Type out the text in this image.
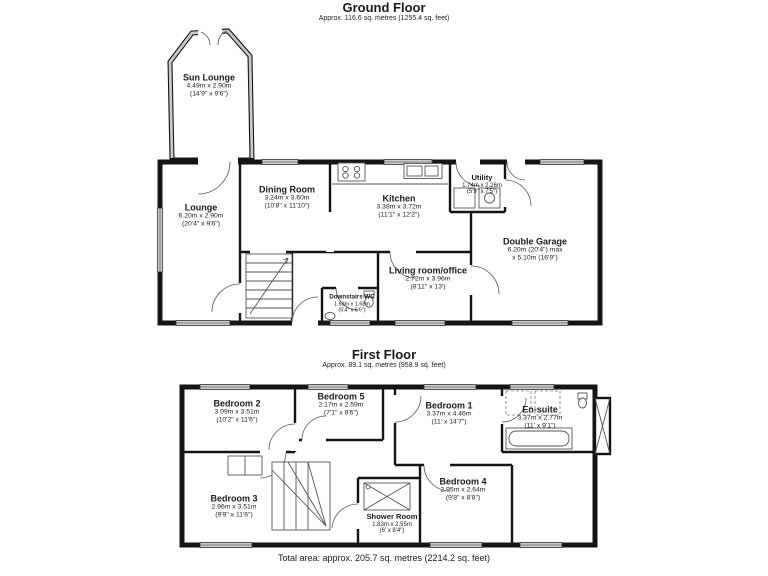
Ground Floor
Approx. 116.6 sq. metres (1255.4 sq. feet)
First Floor
Approx. 89.1 sq. metres (958.9 sq. feet)
Sun Lounge
4.49m x 2.90m
(14'9" x 9'6")
Lounge
6.20m x 2.90m
(20'4" x 9'6")
Dining Room
3.24m x 3.60m
(10'8" x 11'10")
Kitchen
3.38m x 3.72m
(11'1" x 12'2")
Utility
1.74m x 2.26m
(5'9" x 7'5")
Double Garage
6.20m (20'4") max
x 5.10m (16'9")
Living room/office
2.72m x 3.96m
(8'11" x 13')
Downstairs WC
1.63m x 1.68m
(5'4" x 5'6")
Bedroom 2
3.09m x 3.51m
(10'2" x 11'6")
Bedroom 5
2.17m x 2.59m
(7'1" x 8'6")
Bedroom 1
3.37m x 4.46m
(11' x 14'7")
En-suite
3.37m x 2.77m
(11' x 9'1")
Bedroom 3
2.96m x 3.51m
(9'9" x 11'6")
Bedroom 4
2.95m x 2.64m
(9'8" x 8'8")
Shower Room
1.83m x 2.55m
(6' x 8'4")
Total area: approx. 205.7 sq. metres (2214.2 sq. feet)
